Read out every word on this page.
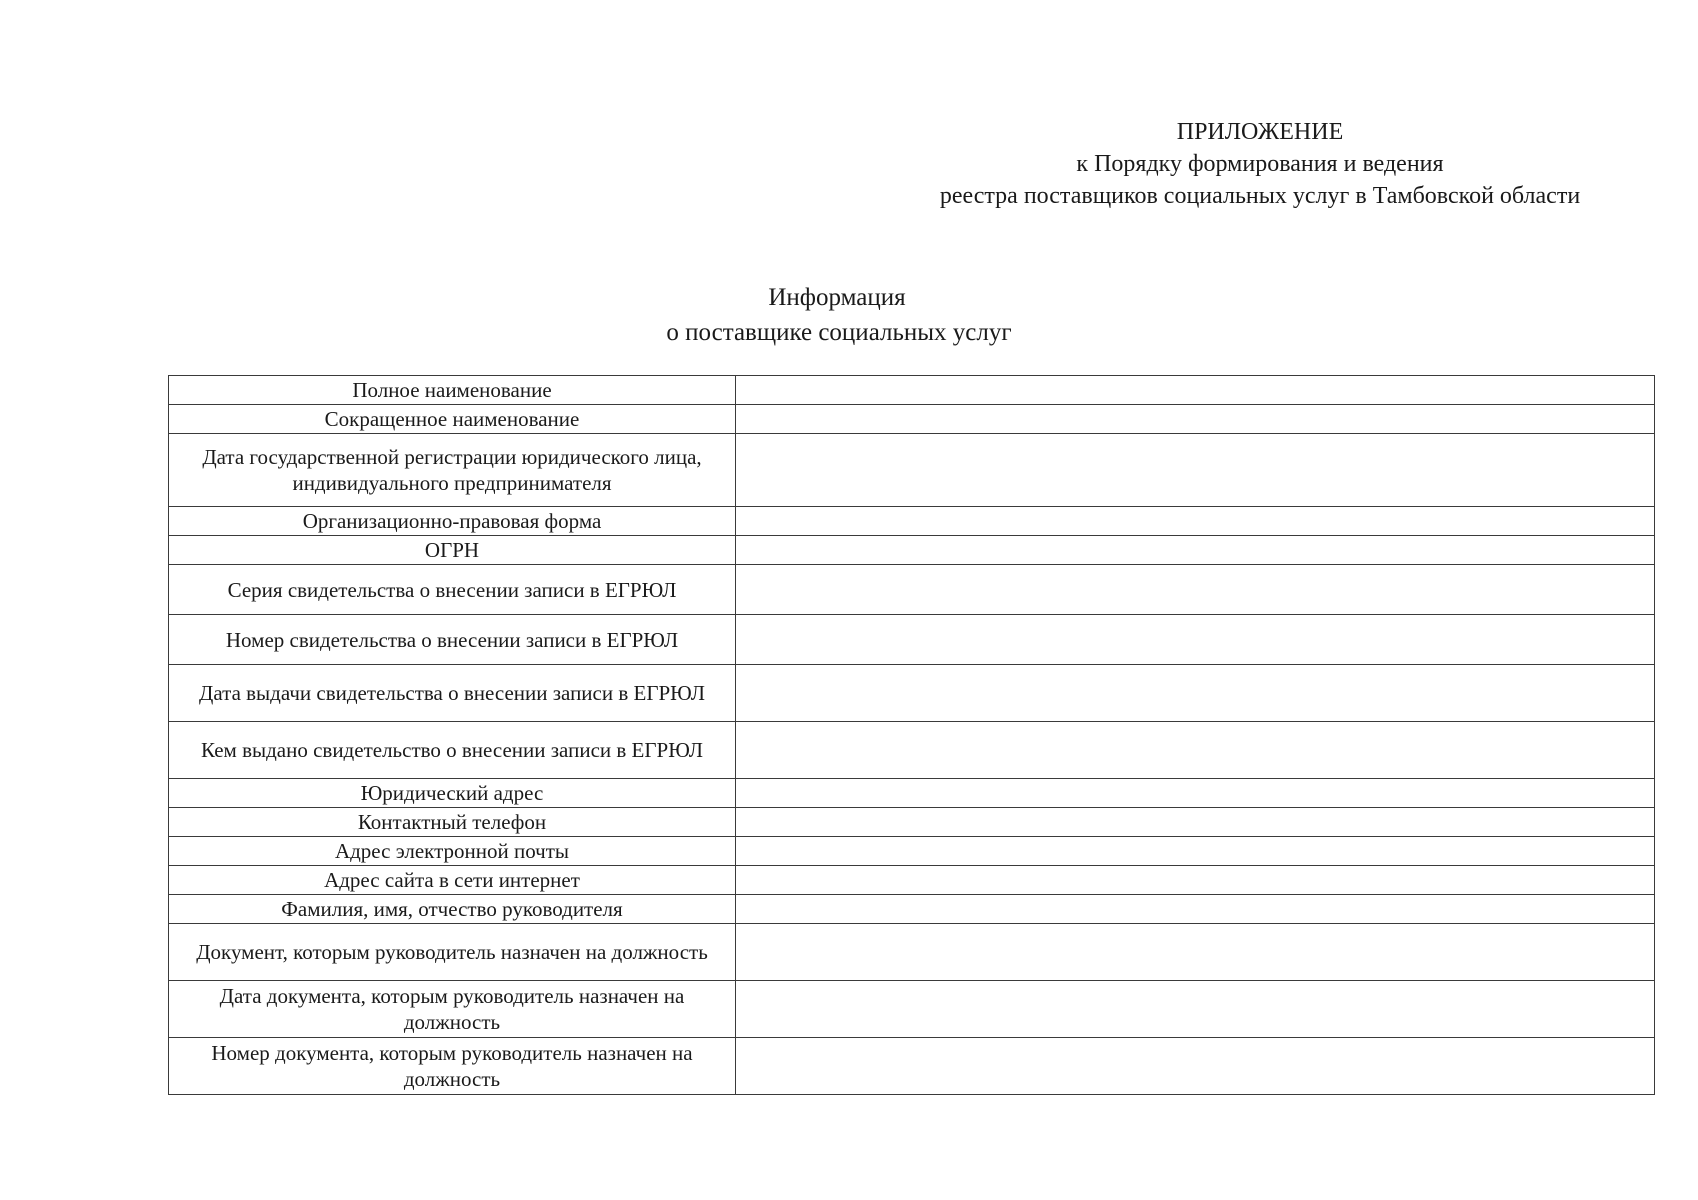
ПРИЛОЖЕНИЕ

к Порядку формирования и ведения
реестра поставщиков социальных услуг в Тамбовской области
Информация
о поставщике социальных услуг
Полное наименование	

Сокращенное наименование	

Дата государственной регистрации юридического лица, индивидуального предпринимателя	

Организационно-правовая форма	

ОГРН	

Серия свидетельства о внесении записи в ЕГРЮЛ	

Номер свидетельства о внесении записи в ЕГРЮЛ	

Дата выдачи свидетельства о внесении записи в ЕГРЮЛ	

Кем выдано свидетельство о внесении записи в ЕГРЮЛ	

Юридический адрес	

Контактный телефон	

Адрес электронной почты	

Адрес сайта в сети интернет	

Фамилия, имя, отчество руководителя	

Документ, которым руководитель назначен на должность	

Дата документа, которым руководитель назначен на должность	

Номер документа, которым руководитель назначен на должность	
